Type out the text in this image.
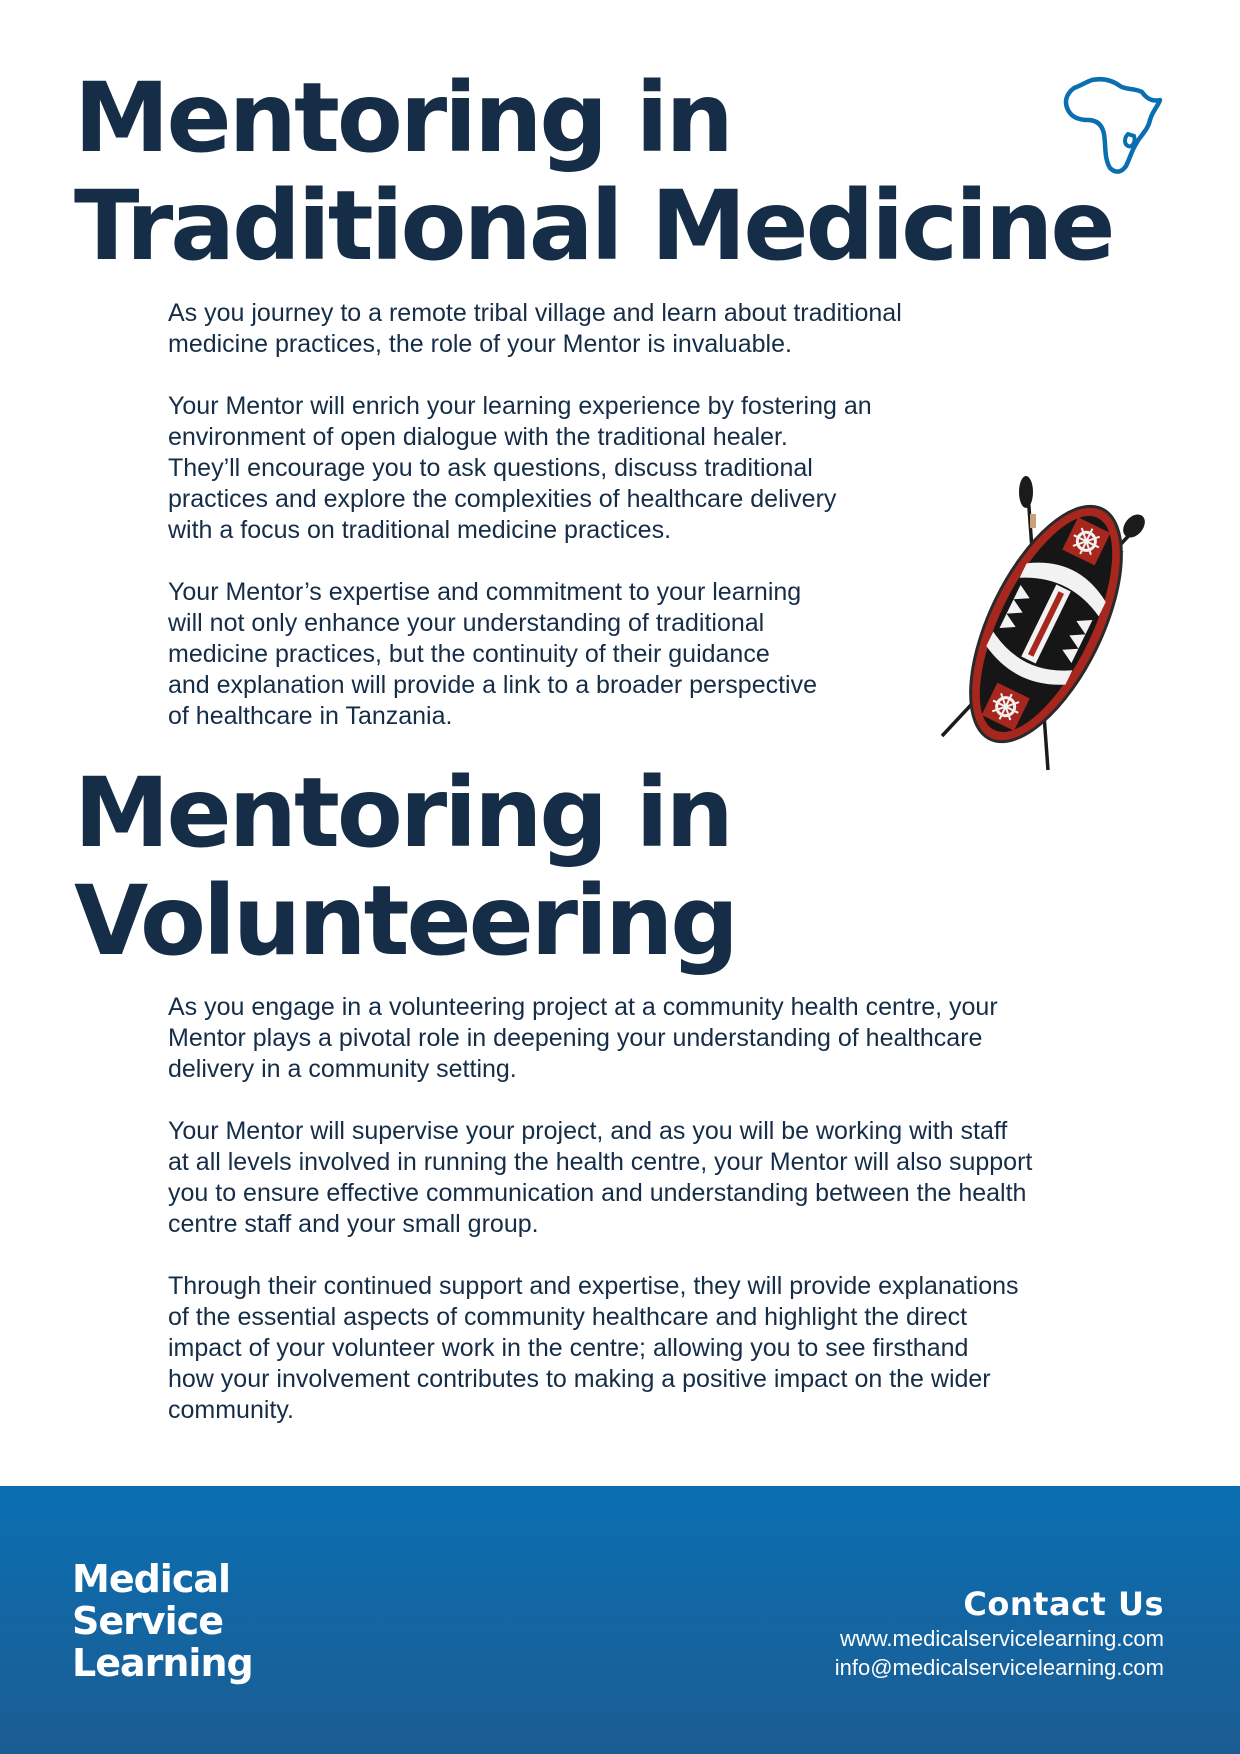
Mentoring in
Traditional Medicine

As you journey to a remote tribal village and learn about traditional
medicine practices, the role of your Mentor is invaluable.

Your Mentor will enrich your learning experience by fostering an
environment of open dialogue with the traditional healer.
They’ll encourage you to ask questions, discuss traditional
practices and explore the complexities of healthcare delivery
with a focus on traditional medicine practices.

Your Mentor’s expertise and commitment to your learning
will not only enhance your understanding of traditional
medicine practices, but the continuity of their guidance
and explanation will provide a link to a broader perspective
of healthcare in Tanzania.

Mentoring in
Volunteering

As you engage in a volunteering project at a community health centre, your
Mentor plays a pivotal role in deepening your understanding of healthcare
delivery in a community setting.

Your Mentor will supervise your project, and as you will be working with staff
at all levels involved in running the health centre, your Mentor will also support
you to ensure effective communication and understanding between the health
centre staff and your small group.

Through their continued support and expertise, they will provide explanations
of the essential aspects of community healthcare and highlight the direct
impact of your volunteer work in the centre; allowing you to see firsthand
how your involvement contributes to making a positive impact on the wider
community.

Medical
Service
Learning
Contact Us
www.medicalservicelearning.com
info@medicalservicelearning.com
